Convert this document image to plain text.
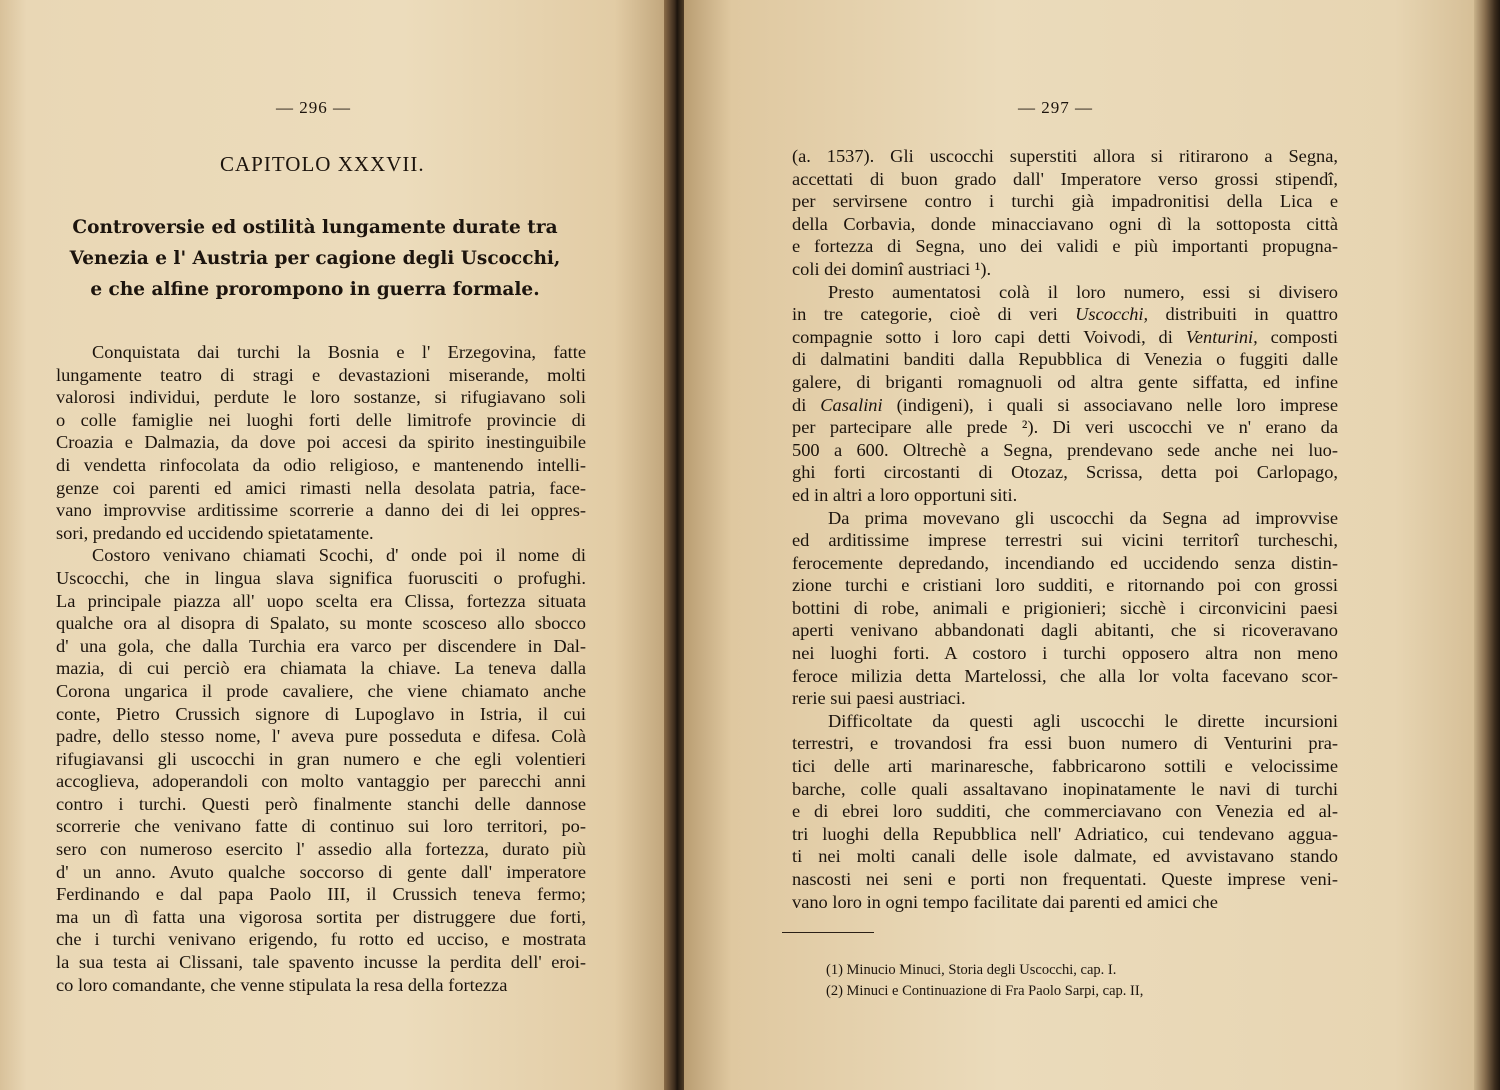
— 296 —
CAPITOLO XXXVII.
Controversie ed ostilità lungamente durate tra
Venezia e l' Austria per cagione degli Uscocchi,
e che alfine prorompono in guerra formale.
Conquistata dai turchi la Bosnia e l' Erzegovina, fatte
lungamente teatro di stragi e devastazioni miserande, molti
valorosi individui, perdute le loro sostanze, si rifugiavano soli
o colle famiglie nei luoghi forti delle limitrofe provincie di
Croazia e Dalmazia, da dove poi accesi da spirito inestinguibile
di vendetta rinfocolata da odio religioso, e mantenendo intelli-
genze coi parenti ed amici rimasti nella desolata patria, face-
vano improvvise arditissime scorrerie a danno dei di lei oppres-
sori, predando ed uccidendo spietatamente.
Costoro venivano chiamati Scochi, d' onde poi il nome di
Uscocchi, che in lingua slava significa fuorusciti o profughi.
La principale piazza all' uopo scelta era Clissa, fortezza situata
qualche ora al disopra di Spalato, su monte scosceso allo sbocco
d' una gola, che dalla Turchia era varco per discendere in Dal-
mazia, di cui perciò era chiamata la chiave. La teneva dalla
Corona ungarica il prode cavaliere, che viene chiamato anche
conte, Pietro Crussich signore di Lupoglavo in Istria, il cui
padre, dello stesso nome, l' aveva pure posseduta e difesa. Colà
rifugiavansi gli uscocchi in gran numero e che egli volentieri
accoglieva, adoperandoli con molto vantaggio per parecchi anni
contro i turchi. Questi però finalmente stanchi delle dannose
scorrerie che venivano fatte di continuo sui loro territori, po-
sero con numeroso esercito l' assedio alla fortezza, durato più
d' un anno. Avuto qualche soccorso di gente dall' imperatore
Ferdinando e dal papa Paolo III, il Crussich teneva fermo;
ma un dì fatta una vigorosa sortita per distruggere due forti,
che i turchi venivano erigendo, fu rotto ed ucciso, e mostrata
la sua testa ai Clissani, tale spavento incusse la perdita dell' eroi-
co loro comandante, che venne stipulata la resa della fortezza
— 297 —
(a. 1537). Gli uscocchi superstiti allora si ritirarono a Segna,
accettati di buon grado dall' Imperatore verso grossi stipendî,
per servirsene contro i turchi già impadronitisi della Lica e
della Corbavia, donde minacciavano ogni dì la sottoposta città
e fortezza di Segna, uno dei validi e più importanti propugna-
coli dei dominî austriaci ¹).
Presto aumentatosi colà il loro numero, essi si divisero
in tre categorie, cioè di veri Uscocchi, distribuiti in quattro
compagnie sotto i loro capi detti Voivodi, di Venturini, composti
di dalmatini banditi dalla Repubblica di Venezia o fuggiti dalle
galere, di briganti romagnuoli od altra gente siffatta, ed infine
di Casalini (indigeni), i quali si associavano nelle loro imprese
per partecipare alle prede ²). Di veri uscocchi ve n' erano da
500 a 600. Oltrechè a Segna, prendevano sede anche nei luo-
ghi forti circostanti di Otozaz, Scrissa, detta poi Carlopago,
ed in altri a loro opportuni siti.
Da prima movevano gli uscocchi da Segna ad improvvise
ed arditissime imprese terrestri sui vicini territorî turcheschi,
ferocemente depredando, incendiando ed uccidendo senza distin-
zione turchi e cristiani loro sudditi, e ritornando poi con grossi
bottini di robe, animali e prigionieri; sicchè i circonvicini paesi
aperti venivano abbandonati dagli abitanti, che si ricoveravano
nei luoghi forti. A costoro i turchi opposero altra non meno
feroce milizia detta Martelossi, che alla lor volta facevano scor-
rerie sui paesi austriaci.
Difficoltate da questi agli uscocchi le dirette incursioni
terrestri, e trovandosi fra essi buon numero di Venturini pra-
tici delle arti marinaresche, fabbricarono sottili e velocissime
barche, colle quali assaltavano inopinatamente le navi di turchi
e di ebrei loro sudditi, che commerciavano con Venezia ed al-
tri luoghi della Repubblica nell' Adriatico, cui tendevano aggua-
ti nei molti canali delle isole dalmate, ed avvistavano stando
nascosti nei seni e porti non frequentati. Queste imprese veni-
vano loro in ogni tempo facilitate dai parenti ed amici che
(1) Minucio Minuci, Storia degli Uscocchi, cap. I.
(2) Minuci e Continuazione di Fra Paolo Sarpi, cap. II,
